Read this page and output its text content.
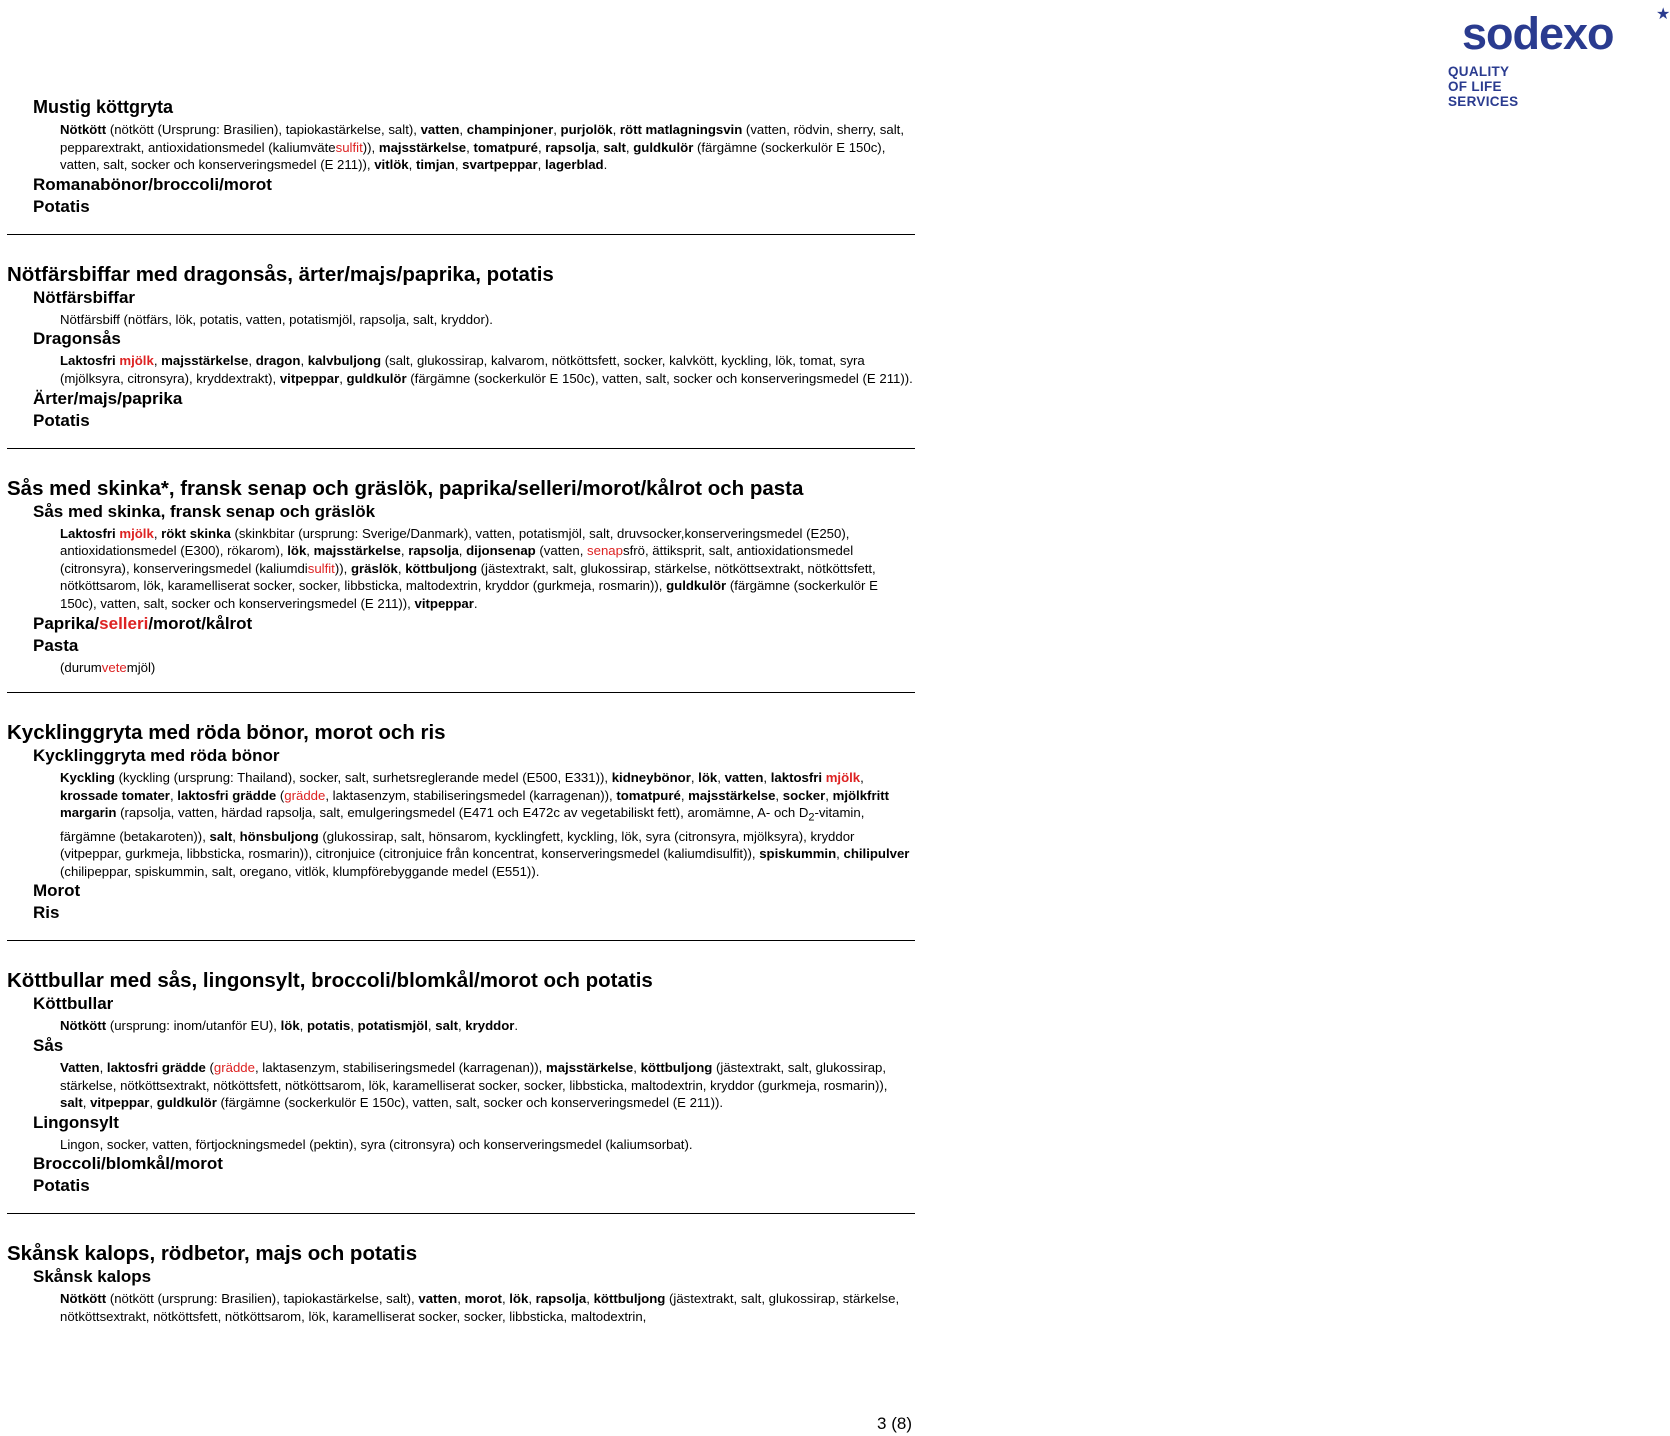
sodexo	★
QUALITY OF LIFE SERVICES
Mustig köttgryta
Nötkött (nötkött (Ursprung: Brasilien), tapiokastärkelse, salt), vatten, champinjoner, purjolök, rött matlagningsvin (vatten, rödvin, sherry, salt, pepparextrakt, antioxidationsmedel (kaliumvätesulfit)), majsstärkelse, tomatpuré, rapsolja, salt, guldkulör (färgämne (sockerkulör E 150c), vatten, salt, socker och konserveringsmedel (E 211)), vitlök, timjan, svartpeppar, lagerblad.
Romanabönor/broccoli/morot
Potatis
Nötfärsbiffar med dragonsås, ärter/majs/paprika, potatis
Nötfärsbiffar
Nötfärsbiff (nötfärs, lök, potatis, vatten, potatismjöl, rapsolja, salt, kryddor).
Dragonsås
Laktosfri mjölk, majsstärkelse, dragon, kalvbuljong (salt, glukossirap, kalvarom, nötköttsfett, socker, kalvkött, kyckling, lök, tomat, syra (mjölksyra, citronsyra), kryddextrakt), vitpeppar, guldkulör (färgämne (sockerkulör E 150c), vatten, salt, socker och konserveringsmedel (E 211)).
Ärter/majs/paprika
Potatis
Sås med skinka*, fransk senap och gräslök, paprika/selleri/morot/kålrot och pasta
Sås med skinka, fransk senap och gräslök
Laktosfri mjölk, rökt skinka (skinkbitar (ursprung: Sverige/Danmark), vatten, potatismjöl, salt, druvsocker,konserveringsmedel (E250), antioxidationsmedel (E300), rökarom), lök, majsstärkelse, rapsolja, dijonsenap (vatten, senapsfrö, ättiksprit, salt, antioxidationsmedel (citronsyra), konserveringsmedel (kaliumdisulfit)), gräslök, köttbuljong (jästextrakt, salt, glukossirap, stärkelse, nötköttsextrakt, nötköttsfett, nötköttsarom, lök, karamelliserat socker, socker, libbsticka, maltodextrin, kryddor (gurkmeja, rosmarin)), guldkulör (färgämne (sockerkulör E 150c), vatten, salt, socker och konserveringsmedel (E 211)), vitpeppar.
Paprika/selleri/morot/kålrot
Pasta
(durumvetemjöl)
Kycklinggryta med röda bönor, morot och ris
Kycklinggryta med röda bönor
Kyckling (kyckling (ursprung: Thailand), socker, salt, surhetsreglerande medel (E500, E331)), kidneybönor, lök, vatten, laktosfri mjölk, krossade tomater, laktosfri grädde (grädde, laktasenzym, stabiliseringsmedel (karragenan)), tomatpuré, majsstärkelse, socker, mjölkfritt margarin (rapsolja, vatten, härdad rapsolja, salt, emulgeringsmedel (E471 och E472c av vegetabiliskt fett), aromämne, A- och $D_2$-vitamin, färgämne (betakaroten)), salt, hönsbuljong (glukossirap, salt, hönsarom, kycklingfett, kyckling, lök, syra (citronsyra, mjölksyra), kryddor (vitpeppar, gurkmeja, libbsticka, rosmarin)), citronjuice (citronjuice från koncentrat, konserveringsmedel (kaliumdisulfit)), spiskummin, chilipulver (chilipeppar, spiskummin, salt, oregano, vitlök, klumpförebyggande medel (E551)).
Morot
Ris
Köttbullar med sås, lingonsylt, broccoli/blomkål/morot och potatis
Köttbullar
Nötkött (ursprung: inom/utanför EU), lök, potatis, potatismjöl, salt, kryddor.
Sås
Vatten, laktosfri grädde (grädde, laktasenzym, stabiliseringsmedel (karragenan)), majsstärkelse, köttbuljong (jästextrakt, salt, glukossirap, stärkelse, nötköttsextrakt, nötköttsfett, nötköttsarom, lök, karamelliserat socker, socker, libbsticka, maltodextrin, kryddor (gurkmeja, rosmarin)), salt, vitpeppar, guldkulör (färgämne (sockerkulör E 150c), vatten, salt, socker och konserveringsmedel (E 211)).
Lingonsylt
Lingon, socker, vatten, förtjockningsmedel (pektin), syra (citronsyra) och konserveringsmedel (kaliumsorbat).
Broccoli/blomkål/morot
Potatis
Skånsk kalops, rödbetor, majs och potatis
Skånsk kalops
Nötkött (nötkött (ursprung: Brasilien), tapiokastärkelse, salt), vatten, morot, lök, rapsolja, köttbuljong (jästextrakt, salt, glukossirap, stärkelse, nötköttsextrakt, nötköttsfett, nötköttsarom, lök, karamelliserat socker, socker, libbsticka, maltodextrin,
3 (8)
